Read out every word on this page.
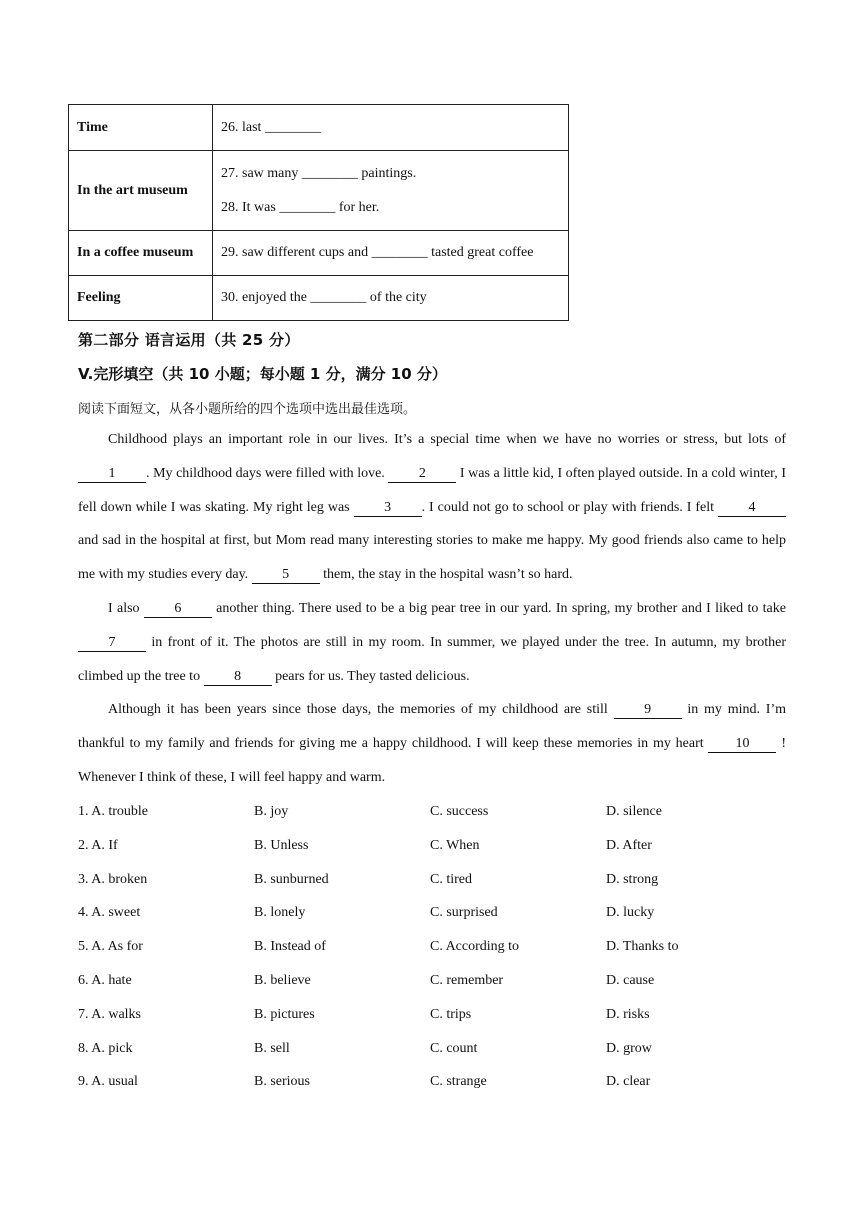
Time	26. last ________
In the art museum	27. saw many ________ paintings.
28. It was ________ for her.

In a coffee museum	29. saw different cups and ________ tasted great coffee
Feeling	30. enjoyed the ________ of the city
第二部分 语言运用（共 25 分）
V.完形填空（共 10 小题；每小题 1 分，满分 10 分）
阅读下面短文，从各小题所给的四个选项中选出最佳选项。

Childhood plays an important role in our lives. It’s a special time when we have no worries or stress, but lots of 1 . My childhood days were filled with love. 2 I was a little kid, I often played outside. In a cold winter, I fell down while I was skating. My right leg was 3 . I could not go to school or play with friends. I felt 4 and sad in the hospital at first, but Mom read many interesting stories to make me happy. My good friends also came to help me with my studies every day. 5 them, the stay in the hospital wasn’t so hard.

I also 6 another thing. There used to be a big pear tree in our yard. In spring, my brother and I liked to take 7 in front of it. The photos are still in my room. In summer, we played under the tree. In autumn, my brother climbed up the tree to 8 pears for us. They tasted delicious.

Although it has been years since those days, the memories of my childhood are still 9 in my mind. I’m thankful to my family and friends for giving me a happy childhood. I will keep these memories in my heart 10 ! Whenever I think of these, I will feel happy and warm.

1. A. trouble	B. joy	C. success	D. silence
2. A. If	B. Unless	C. When	D. After
3. A. broken	B. sunburned	C. tired	D. strong
4. A. sweet	B. lonely	C. surprised	D. lucky
5. A. As for	B. Instead of	C. According to	D. Thanks to
6. A. hate	B. believe	C. remember	D. cause
7. A. walks	B. pictures	C. trips	D. risks
8. A. pick	B. sell	C. count	D. grow
9. A. usual	B. serious	C. strange	D. clear
